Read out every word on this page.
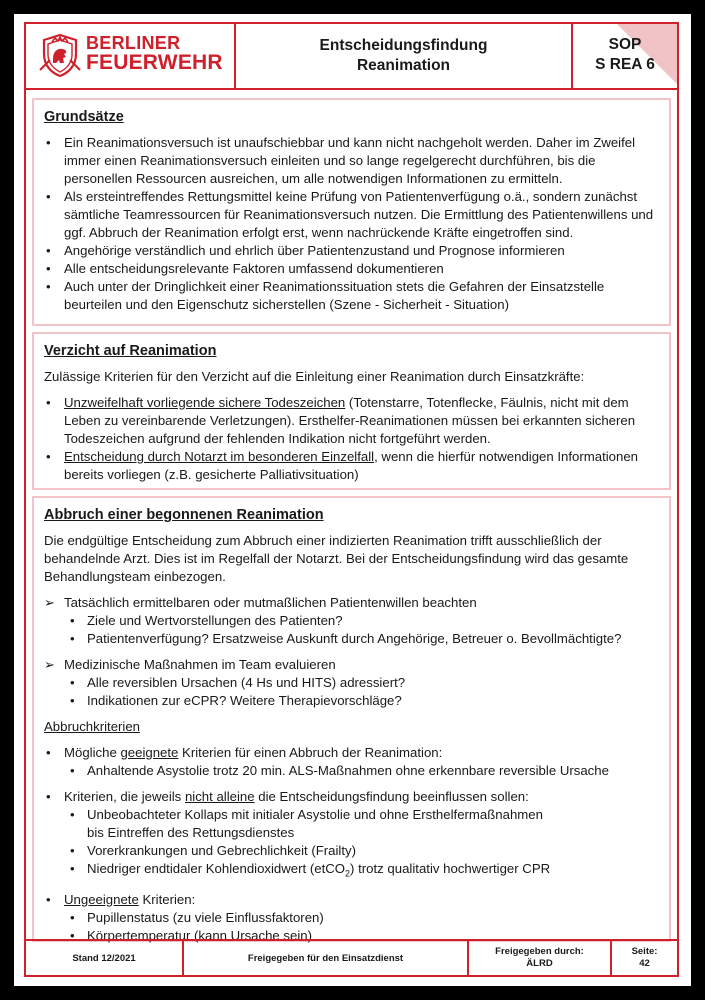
BERLINER
FEUERWEHR
Entscheidungsfindung
Reanimation
SOP
S REA 6
Grundsätze
• Ein Reanimationsversuch ist unaufschiebbar und kann nicht nachgeholt werden. Daher im Zweifel immer einen Reanimationsversuch einleiten und so lange regelgerecht durchführen, bis die personellen Ressourcen ausreichen, um alle notwendigen Informationen zu ermitteln.
• Als ersteintreffendes Rettungsmittel keine Prüfung von Patientenverfügung o.ä., sondern zunächst sämtliche Teamressourcen für Reanimationsversuch nutzen. Die Ermittlung des Patientenwillens und ggf. Abbruch der Reanimation erfolgt erst, wenn nachrückende Kräfte eingetroffen sind.
• Angehörige verständlich und ehrlich über Patientenzustand und Prognose informieren
• Alle entscheidungsrelevante Faktoren umfassend dokumentieren
• Auch unter der Dringlichkeit einer Reanimationssituation stets die Gefahren der Einsatzstelle beurteilen und den Eigenschutz sicherstellen (Szene - Sicherheit - Situation)
Verzicht auf Reanimation

Zulässige Kriterien für den Verzicht auf die Einleitung einer Reanimation durch Einsatzkräfte:

• Unzweifelhaft vorliegende sichere Todeszeichen (Totenstarre, Totenflecke, Fäulnis, nicht mit dem Leben zu vereinbarende Verletzungen). Ersthelfer-Reanimationen müssen bei erkannten sicheren Todeszeichen aufgrund der fehlenden Indikation nicht fortgeführt werden.
• Entscheidung durch Notarzt im besonderen Einzelfall, wenn die hierfür notwendigen Informationen bereits vorliegen (z.B. gesicherte Palliativsituation)
Abbruch einer begonnenen Reanimation

Die endgültige Entscheidung zum Abbruch einer indizierten Reanimation trifft ausschließlich der behandelnde Arzt. Dies ist im Regelfall der Notarzt. Bei der Entscheidungsfindung wird das gesamte Behandlungsteam einbezogen.

➢ Tatsächlich ermittelbaren oder mutmaßlichen Patientenwillen beachten
• Ziele und Wertvorstellungen des Patienten?
• Patientenverfügung? Ersatzweise Auskunft durch Angehörige, Betreuer o. Bevollmächtigte?
➢ Medizinische Maßnahmen im Team evaluieren
• Alle reversiblen Ursachen (4 Hs und HITS) adressiert?
• Indikationen zur eCPR? Weitere Therapievorschläge?
Abbruchkriterien
• Mögliche geeignete Kriterien für einen Abbruch der Reanimation:
• Anhaltende Asystolie trotz 20 min. ALS-Maßnahmen ohne erkennbare reversible Ursache
• Kriterien, die jeweils nicht alleine die Entscheidungsfindung beeinflussen sollen:
• Unbeobachteter Kollaps mit initialer Asystolie und ohne Ersthelfermaßnahmen
bis Eintreffen des Rettungsdienstes
• Vorerkrankungen und Gebrechlichkeit (Frailty)
• Niedriger endtidaler Kohlendioxidwert (etCO$_2$) trotz qualitativ hochwertiger CPR
• Ungeeignete Kriterien:
• Pupillenstatus (zu viele Einflussfaktoren)
• Körpertemperatur (kann Ursache sein)
Stand 12/2021	Freigegeben für den Einsatzdienst
Freigegeben durch:
ÄLRD
Seite:
42
